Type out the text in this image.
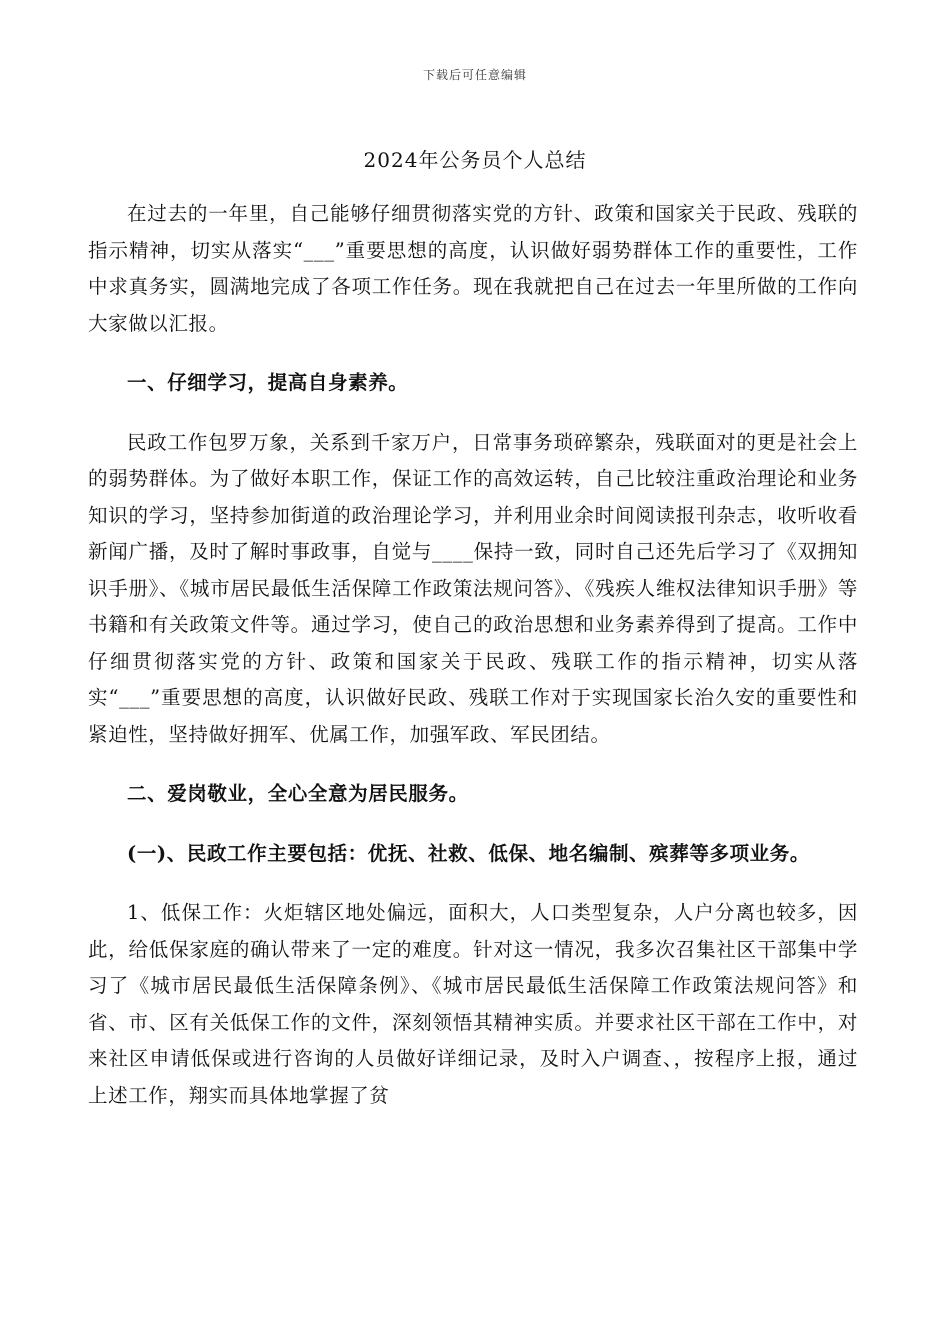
下载后可任意编辑
2024年公务员个人总结

在过去的一年里，自己能够仔细贯彻落实党的方针、政策和国家关于民政、残联的指示精神，切实从落实“___”重要思想的高度，认识做好弱势群体工作的重要性，工作中求真务实，圆满地完成了各项工作任务。现在我就把自己在过去一年里所做的工作向大家做以汇报。

一、仔细学习，提高自身素养。

民政工作包罗万象，关系到千家万户，日常事务琐碎繁杂，残联面对的更是社会上的弱势群体。为了做好本职工作，保证工作的高效运转，自己比较注重政治理论和业务知识的学习，坚持参加街道的政治理论学习，并利用业余时间阅读报刊杂志，收听收看新闻广播，及时了解时事政事，自觉与____保持一致，同时自己还先后学习了《双拥知识手册》、《城市居民最低生活保障工作政策法规问答》、《残疾人维权法律知识手册》等书籍和有关政策文件等。通过学习，使自己的政治思想和业务素养得到了提高。工作中仔细贯彻落实党的方针、政策和国家关于民政、残联工作的指示精神，切实从落实“___”重要思想的高度，认识做好民政、残联工作对于实现国家长治久安的重要性和紧迫性，坚持做好拥军、优属工作，加强军政、军民团结。

二、爱岗敬业，全心全意为居民服务。

(一)、民政工作主要包括：优抚、社救、低保、地名编制、殡葬等多项业务。

1、低保工作：火炬辖区地处偏远，面积大，人口类型复杂，人户分离也较多，因此，给低保家庭的确认带来了一定的难度。针对这一情况，我多次召集社区干部集中学习了《城市居民最低生活保障条例》、《城市居民最低生活保障工作政策法规问答》和省、市、区有关低保工作的文件，深刻领悟其精神实质。并要求社区干部在工作中，对来社区申请低保或进行咨询的人员做好详细记录，及时入户调查、，按程序上报，通过上述工作，翔实而具体地掌握了贫
